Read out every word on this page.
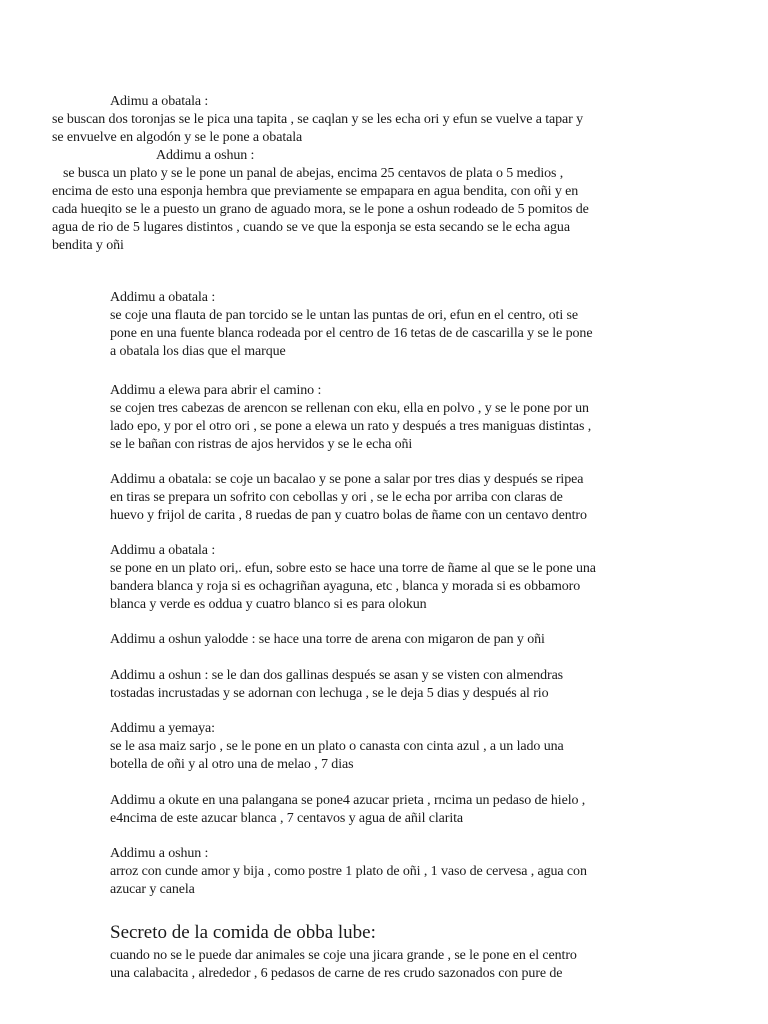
Adimu a obatala :
se buscan dos toronjas se le pica una tapita , se caqlan y se les echa ori y efun se vuelve a tapar y
se envuelve en algodón y se le pone a obatala
Addimu a oshun :
se busca un plato y se le pone un panal de abejas, encima 25 centavos de plata o 5 medios ,
encima de esto una esponja hembra que previamente se empapara en agua bendita, con oñi y en
cada hueqito se le a puesto un grano de aguado mora, se le pone a oshun rodeado de 5 pomitos de
agua de rio de 5 lugares distintos , cuando se ve que la esponja se esta secando se le echa agua
bendita y oñi
Addimu a obatala :
se coje una flauta de pan torcido se le untan las puntas de ori, efun en el centro, oti se
pone en una fuente blanca rodeada por el centro de 16 tetas de de cascarilla y se le pone
a obatala los dias que el marque
Addimu a elewa para abrir el camino :
se cojen tres cabezas de arencon se rellenan con eku, ella en polvo , y se le pone por un
lado epo, y por el otro ori , se pone a elewa un rato y después a tres maniguas distintas ,
se le bañan con ristras de ajos hervidos y se le echa oñi
Addimu a obatala: se coje un bacalao y se pone a salar por tres dias y después se ripea
en tiras se prepara un sofrito con cebollas y ori , se le echa por arriba con claras de
huevo y frijol de carita , 8 ruedas de pan y cuatro bolas de ñame con un centavo dentro
Addimu a obatala :
se pone en un plato ori,. efun, sobre esto se hace una torre de ñame al que se le pone una
bandera blanca y roja si es ochagriñan ayaguna, etc , blanca y morada si es obbamoro
blanca y verde es oddua y cuatro blanco si es para olokun
Addimu a oshun yalodde : se hace una torre de arena con migaron de pan y oñi
Addimu a oshun : se le dan dos gallinas después se asan y se visten con almendras
tostadas incrustadas y se adornan con lechuga , se le deja 5 dias y después al rio
Addimu a yemaya:
se le asa maiz sarjo , se le pone en un plato o canasta con cinta azul , a un lado una
botella de oñi y al otro una de melao , 7 dias
Addimu a okute en una palangana se pone4 azucar prieta , rncima un pedaso de hielo ,
e4ncima de este azucar blanca , 7 centavos y agua de añil clarita
Addimu a oshun :
arroz con cunde amor y bija , como postre 1 plato de oñi , 1 vaso de cervesa , agua con
azucar y canela
Secreto de la comida de obba lube:
cuando no se le puede dar animales se coje una jicara grande , se le pone en el centro
una calabacita , alrededor , 6 pedasos de carne de res crudo sazonados con pure de
